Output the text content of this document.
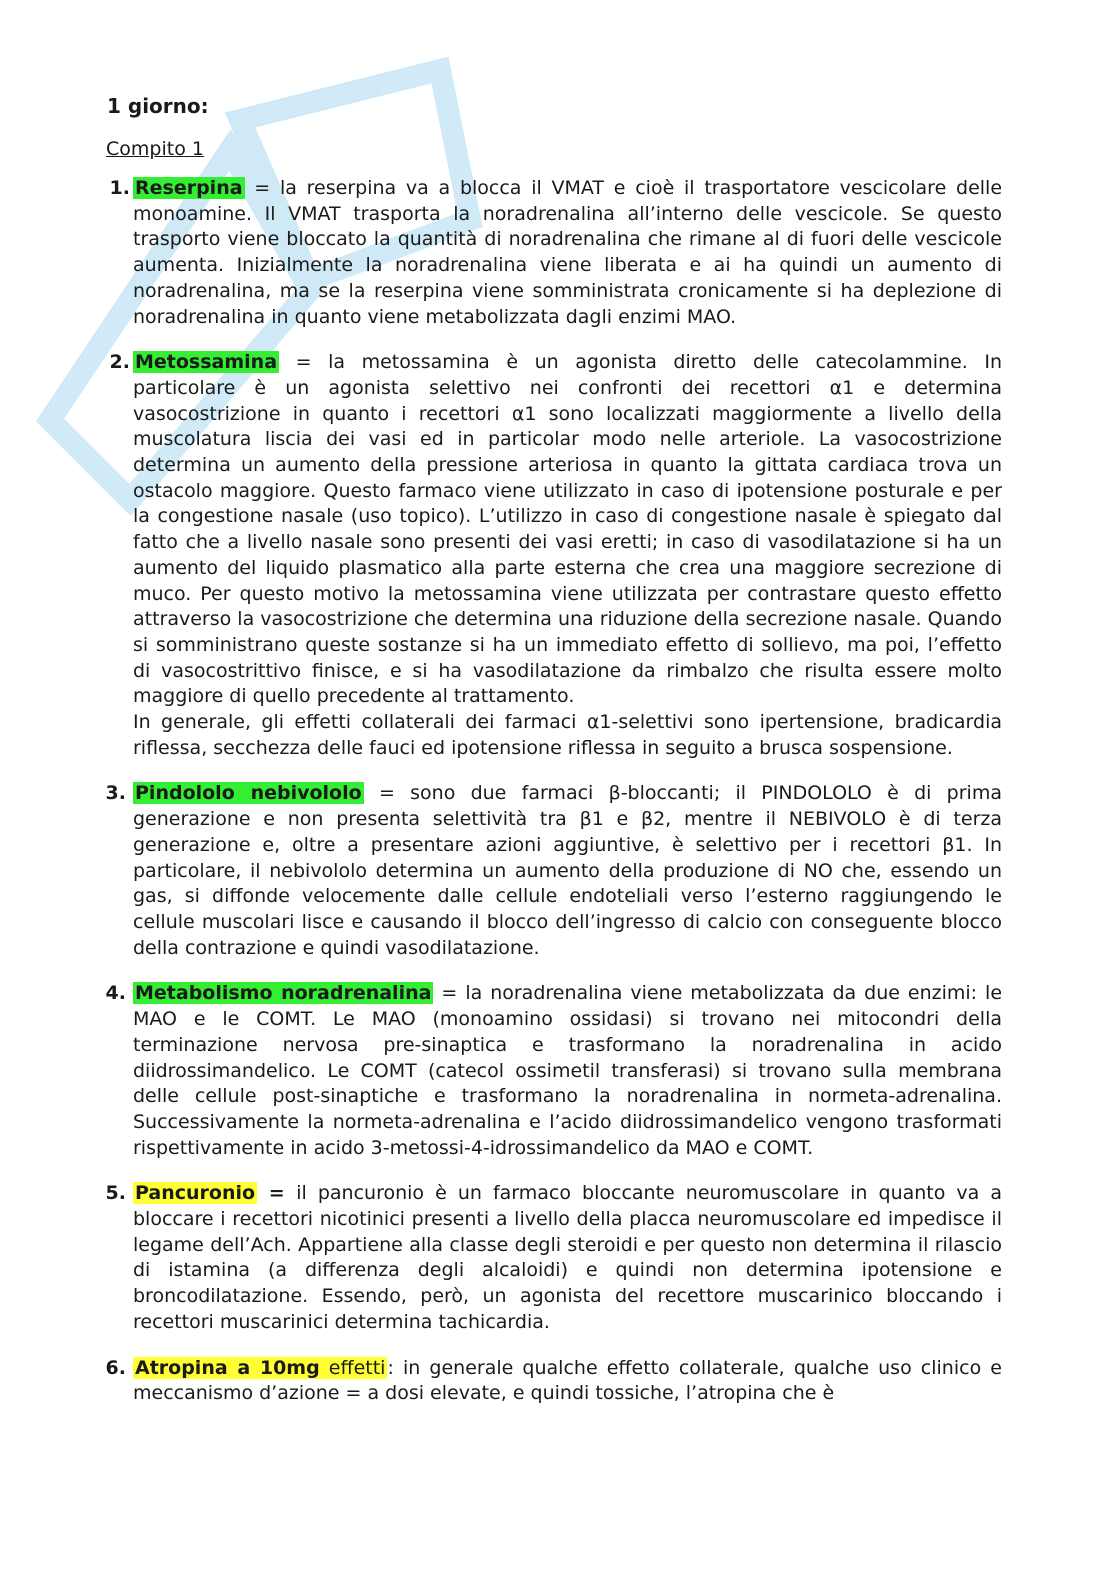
1 giorno:
Compito 1
1. Reserpina = la reserpina va a blocca il VMAT e cioè il trasportatore vescicolare delle monoamine. Il VMAT trasporta la noradrenalina all’interno delle vescicole. Se questo trasporto viene bloccato la quantità di noradrenalina che rimane al di fuori delle vescicole aumenta. Inizialmente la noradrenalina viene liberata e ai ha quindi un aumento di noradrenalina, ma se la reserpina viene somministrata cronicamente si ha deplezione di noradrenalina in quanto viene metabolizzata dagli enzimi MAO.

2. Metossamina = la metossamina è un agonista diretto delle catecolammine. In particolare è un agonista selettivo nei confronti dei recettori α1 e determina vasocostrizione in quanto i recettori α1 sono localizzati maggiormente a livello della muscolatura liscia dei vasi ed in particolar modo nelle arteriole. La vasocostrizione determina un aumento della pressione arteriosa in quanto la gittata cardiaca trova un ostacolo maggiore. Questo farmaco viene utilizzato in caso di ipotensione posturale e per la congestione nasale (uso topico). L’utilizzo in caso di congestione nasale è spiegato dal fatto che a livello nasale sono presenti dei vasi eretti; in caso di vasodilatazione si ha un aumento del liquido plasmatico alla parte esterna che crea una maggiore secrezione di muco. Per questo motivo la metossamina viene utilizzata per contrastare questo effetto attraverso la vasocostrizione che determina una riduzione della secrezione nasale. Quando si somministrano queste sostanze si ha un immediato effetto di sollievo, ma poi, l’effetto di vasocostrittivo finisce, e si ha vasodilatazione da rimbalzo che risulta essere molto maggiore di quello precedente al trattamento.

In generale, gli effetti collaterali dei farmaci α1-selettivi sono ipertensione, bradicardia riflessa, secchezza delle fauci ed ipotensione riflessa in seguito a brusca sospensione.

3. Pindololo nebivololo = sono due farmaci β-bloccanti; il PINDOLOLO è di prima generazione e non presenta selettività tra β1 e β2, mentre il NEBIVOLO è di terza generazione e, oltre a presentare azioni aggiuntive, è selettivo per i recettori β1. In particolare, il nebivololo determina un aumento della produzione di NO che, essendo un gas, si diffonde velocemente dalle cellule endoteliali verso l’esterno raggiungendo le cellule muscolari lisce e causando il blocco dell’ingresso di calcio con conseguente blocco della contrazione e quindi vasodilatazione.

4. Metabolismo noradrenalina = la noradrenalina viene metabolizzata da due enzimi: le MAO e le COMT. Le MAO (monoamino ossidasi) si trovano nei mitocondri della terminazione nervosa pre-sinaptica e trasformano la noradrenalina in acido diidrossimandelico. Le COMT (catecol ossimetil transferasi) si trovano sulla membrana delle cellule post-sinaptiche e trasformano la noradrenalina in normeta-adrenalina. Successivamente la normeta-adrenalina e l’acido diidrossimandelico vengono trasformati rispettivamente in acido 3-metossi-4-idrossimandelico da MAO e COMT.

5. Pancuronio = il pancuronio è un farmaco bloccante neuromuscolare in quanto va a bloccare i recettori nicotinici presenti a livello della placca neuromuscolare ed impedisce il legame dell’Ach. Appartiene alla classe degli steroidi e per questo non determina il rilascio di istamina (a differenza degli alcaloidi) e quindi non determina ipotensione e broncodilatazione. Essendo, però, un agonista del recettore muscarinico bloccando i recettori muscarinici determina tachicardia.

6. Atropina a 10mg effetti : in generale qualche effetto collaterale, qualche uso clinico e meccanismo d’azione = a dosi elevate, e quindi tossiche, l’atropina che è
